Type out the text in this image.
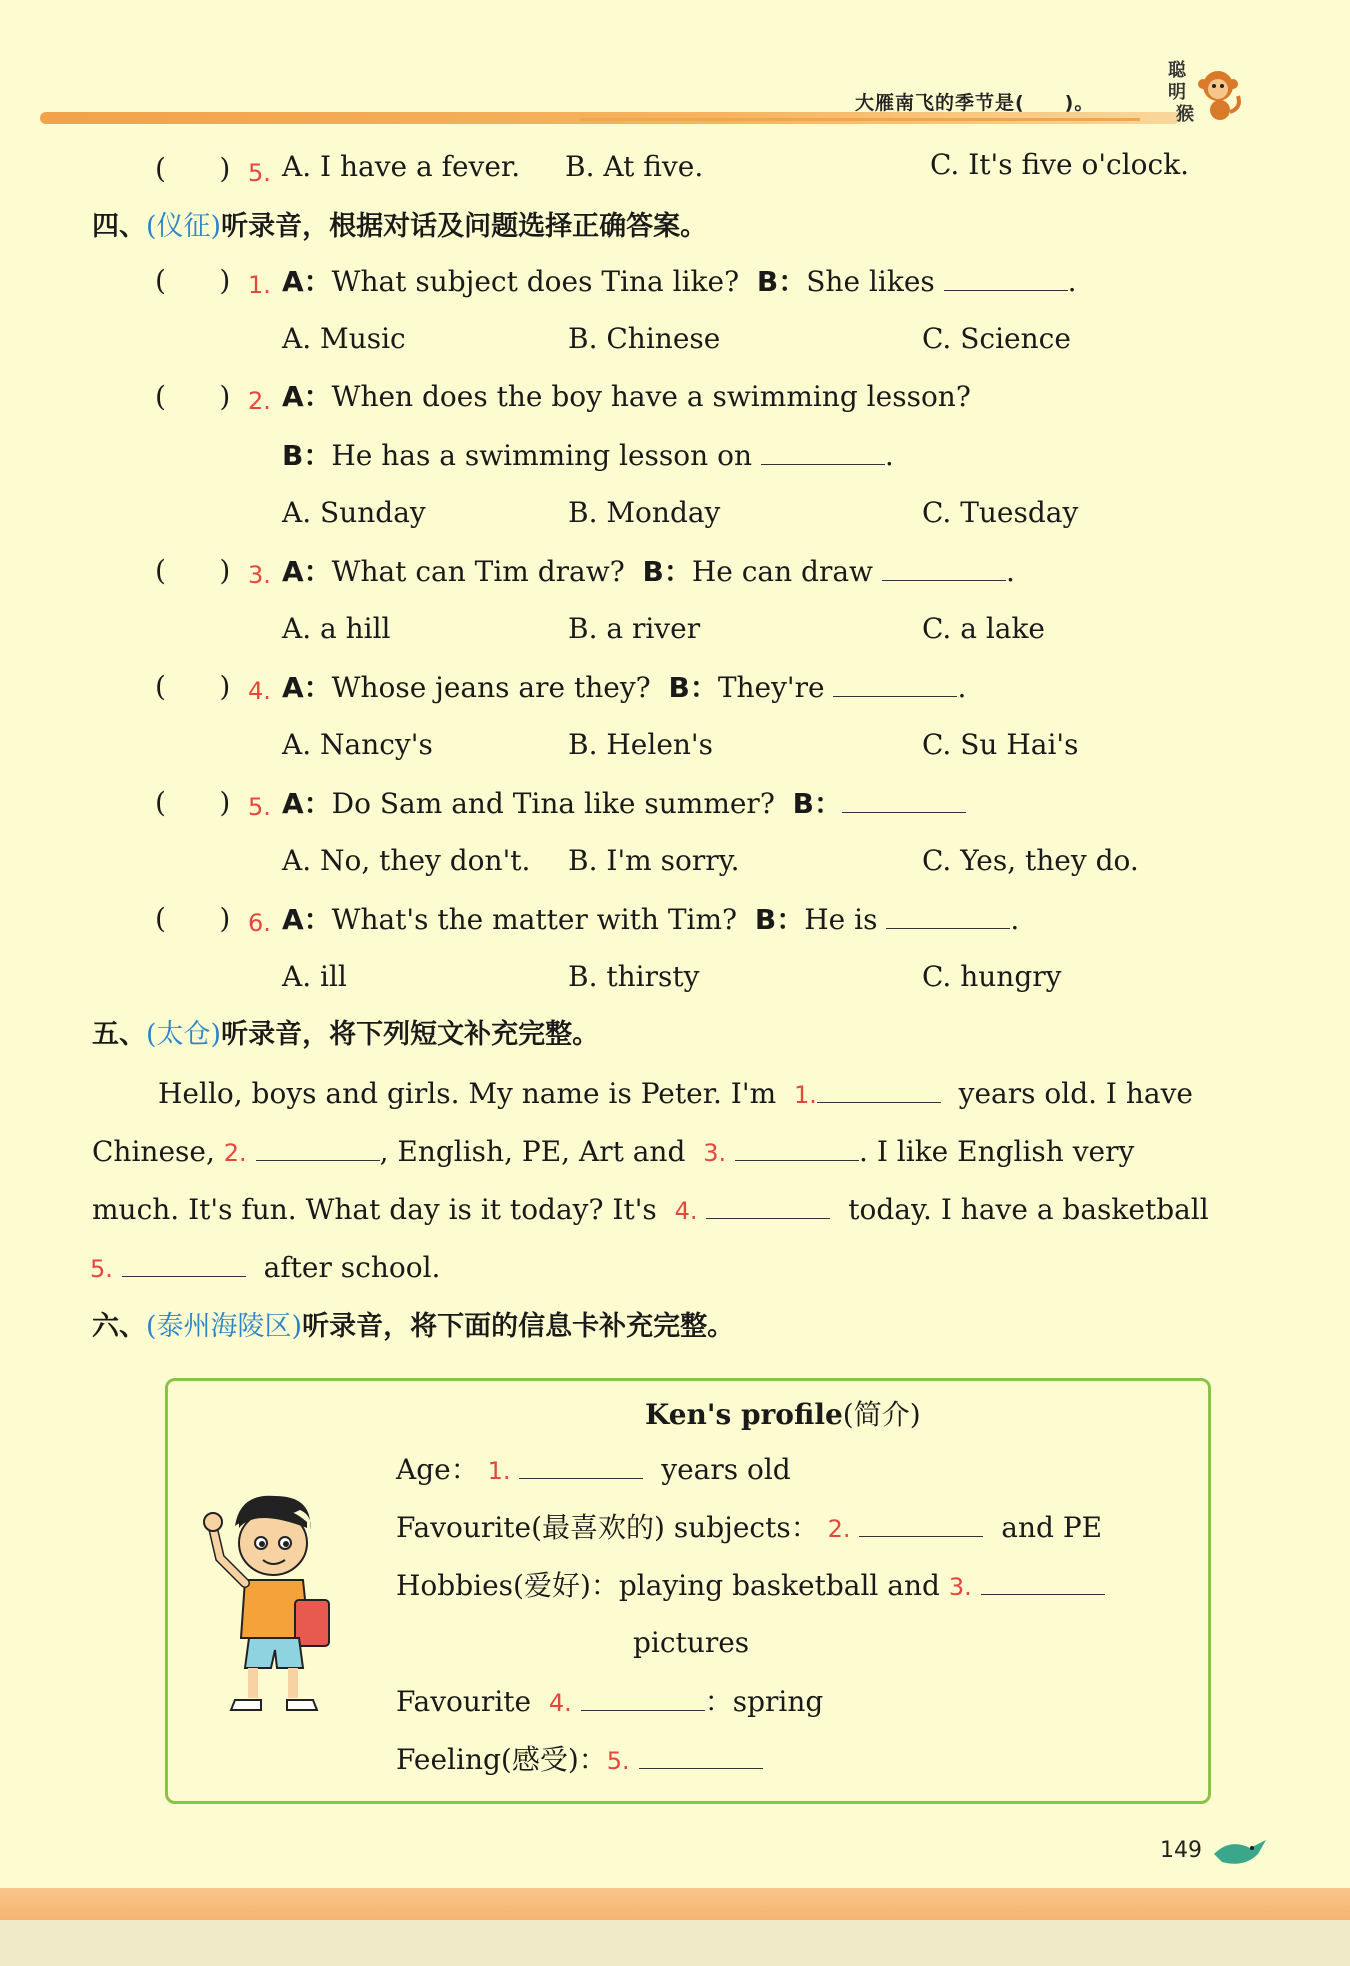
大雁南飞的季节是(　　)。
聪
明
猴
(      ) 5. A. I have a fever. B. At five.	C. It's five o'clock.
四、(仪征)听录音，根据对话及问题选择正确答案。
(      ) 1. A：What subject does Tina like? B：She likes	.
A. Music	B. Chinese	C. Science
(      ) 2. A：When does the boy have a swimming lesson?
B：He has a swimming lesson on	.
A. Sunday	B. Monday	C. Tuesday
(      ) 3. A：What can Tim draw? B：He can draw	.
A. a hill	B. a river	C. a lake
(      ) 4. A：Whose jeans are they? B：They're	.
A. Nancy's	B. Helen's	C. Su Hai's
(      ) 5. A：Do Sam and Tina like summer? B：
A. No, they don't. B. I'm sorry.	C. Yes, they do.
(      ) 6. A：What's the matter with Tim? B：He is	.
A. ill	B. thirsty	C. hungry
五、(太仓)听录音，将下列短文补充完整。
Hello, boys and girls. My name is Peter. I'm 1.	years old. I have
Chinese, 2.	, English, PE, Art and 3.	. I like English very
much. It's fun. What day is it today? It's 4.	today. I have a basketball
5.	after school.
六、(泰州海陵区)听录音，将下面的信息卡补充完整。
Ken's profile(简介)
Age： 1.	years old
Favourite(最喜欢的) subjects： 2.	and PE
Hobbies(爱好)：playing basketball and 3.
pictures
Favourite 4.	：spring
Feeling(感受)：5.
149
